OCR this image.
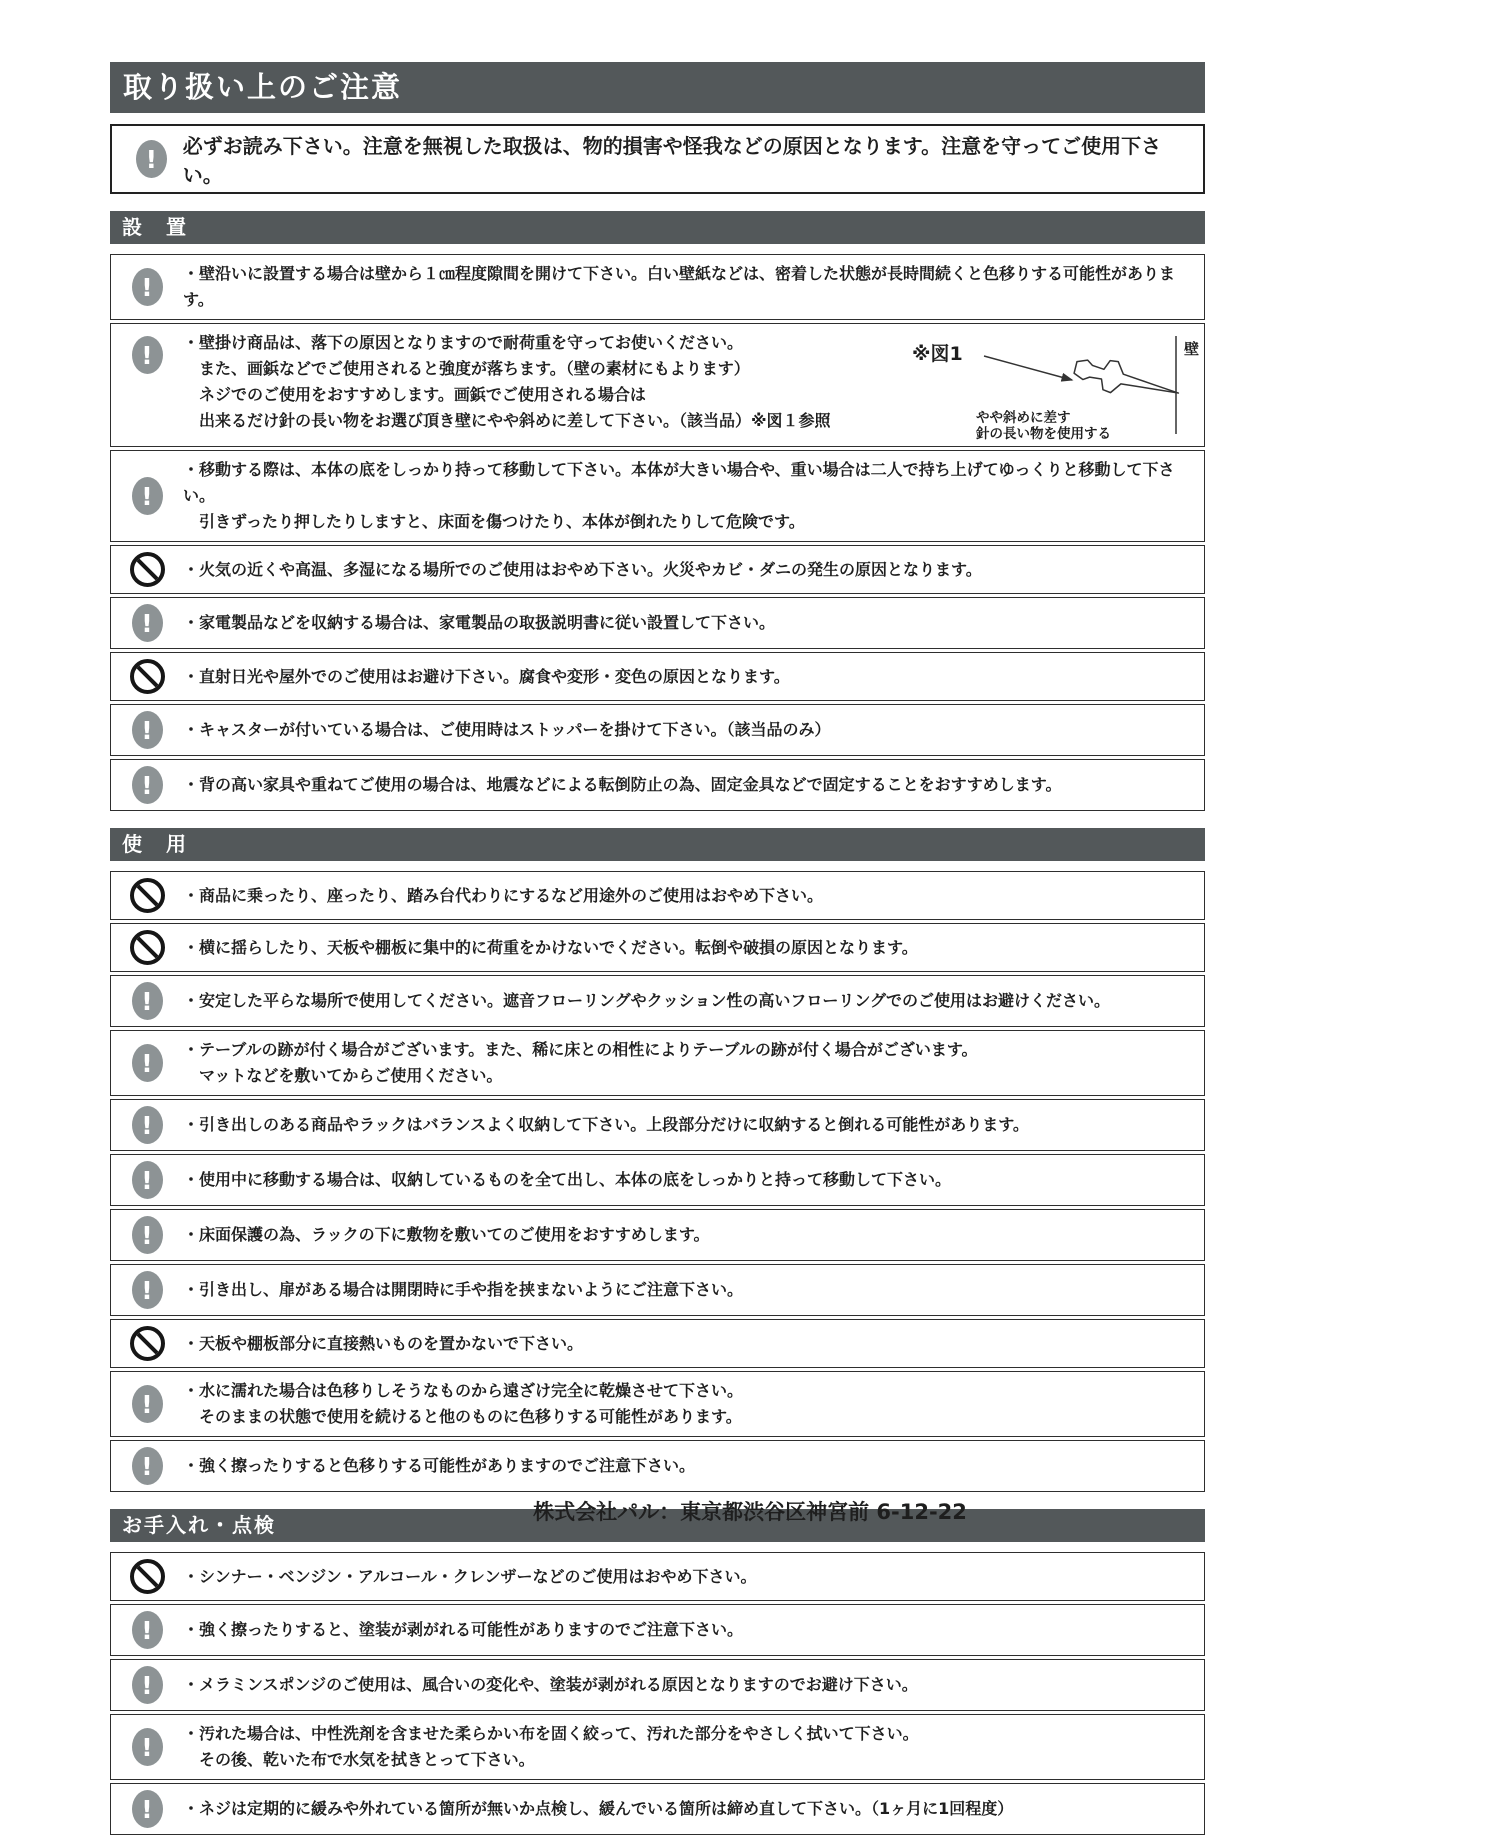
取り扱い上のご注意
! 必ずお読み下さい。注意を無視した取扱は、物的損害や怪我などの原因となります。注意を守ってご使用下さい。
設　置
! ・壁沿いに設置する場合は壁から１㎝程度隙間を開けて下さい。白い壁紙などは、密着した状態が長時間続くと色移りする可能性があります。
! ・壁掛け商品は、落下の原因となりますので耐荷重を守ってお使いください。
また、画鋲などでご使用されると強度が落ちます。（壁の素材にもよります）
ネジでのご使用をおすすめします。画鋲でご使用される場合は
出来るだけ針の長い物をお選び頂き壁にやや斜めに差して下さい。（該当品）※図１参照
※図1	壁
やや斜めに差す
針の長い物を使用する
!
・移動する際は、本体の底をしっかり持って移動して下さい。本体が大きい場合や、重い場合は二人で持ち上げてゆっくりと移動して下さい。
引きずったり押したりしますと、床面を傷つけたり、本体が倒れたりして危険です。
・火気の近くや高温、多湿になる場所でのご使用はおやめ下さい。火災やカビ・ダニの発生の原因となります。
! ・家電製品などを収納する場合は、家電製品の取扱説明書に従い設置して下さい。
・直射日光や屋外でのご使用はお避け下さい。腐食や変形・変色の原因となります。
! ・キャスターが付いている場合は、ご使用時はストッパーを掛けて下さい。（該当品のみ）
! ・背の高い家具や重ねてご使用の場合は、地震などによる転倒防止の為、固定金具などで固定することをおすすめします。
使　用
・商品に乗ったり、座ったり、踏み台代わりにするなど用途外のご使用はおやめ下さい。
・横に揺らしたり、天板や棚板に集中的に荷重をかけないでください。転倒や破損の原因となります。
! ・安定した平らな場所で使用してください。遮音フローリングやクッション性の高いフローリングでのご使用はお避けください。
! ・テーブルの跡が付く場合がございます。また、稀に床との相性によりテーブルの跡が付く場合がございます。
マットなどを敷いてからご使用ください。
! ・引き出しのある商品やラックはバランスよく収納して下さい。上段部分だけに収納すると倒れる可能性があります。
! ・使用中に移動する場合は、収納しているものを全て出し、本体の底をしっかりと持って移動して下さい。
! ・床面保護の為、ラックの下に敷物を敷いてのご使用をおすすめします。
! ・引き出し、扉がある場合は開閉時に手や指を挟まないようにご注意下さい。
・天板や棚板部分に直接熱いものを置かないで下さい。
! ・水に濡れた場合は色移りしそうなものから遠ざけ完全に乾燥させて下さい。
そのままの状態で使用を続けると他のものに色移りする可能性があります。
! ・強く擦ったりすると色移りする可能性がありますのでご注意下さい。
お手入れ・点検
・シンナー・ベンジン・アルコール・クレンザーなどのご使用はおやめ下さい。
! ・強く擦ったりすると、塗装が剥がれる可能性がありますのでご注意下さい。
! ・メラミンスポンジのご使用は、風合いの変化や、塗装が剥がれる原因となりますのでお避け下さい。
! ・汚れた場合は、中性洗剤を含ませた柔らかい布を固く絞って、汚れた部分をやさしく拭いて下さい。
その後、乾いた布で水気を拭きとって下さい。
! ・ネジは定期的に緩みや外れている箇所が無いか点検し、緩んでいる箇所は締め直して下さい。（1ヶ月に1回程度）
株式会社パル：東京都渋谷区神宮前 6-12-22
